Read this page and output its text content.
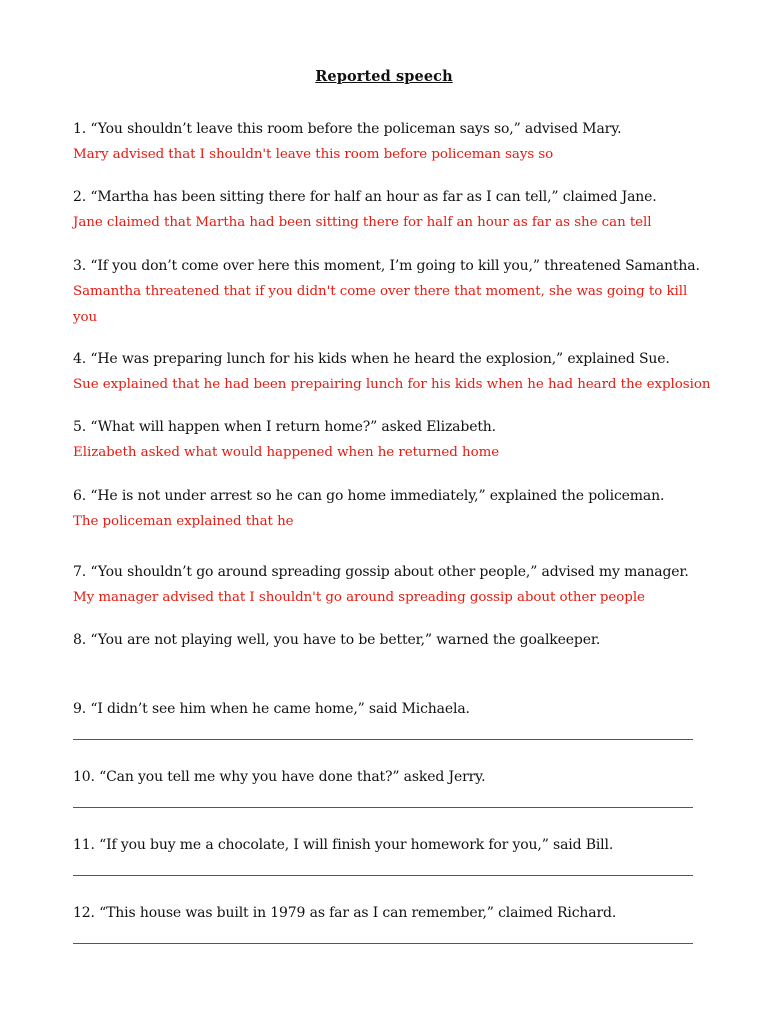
Reported speech
1. “You shouldn’t leave this room before the policeman says so,” advised Mary.
Mary advised that I shouldn't leave this room before policeman says so
2. “Martha has been sitting there for half an hour as far as I can tell,” claimed Jane.
Jane claimed that Martha had been sitting there for half an hour as far as she can tell
3. “If you don’t come over here this moment, I’m going to kill you,” threatened Samantha.
Samantha threatened that if you didn't come over there that moment, she was going to kill
you
4. “He was preparing lunch for his kids when he heard the explosion,” explained Sue.
Sue explained that he had been prepairing lunch for his kids when he had heard the explosion
5. “What will happen when I return home?” asked Elizabeth.
Elizabeth asked what would happened when he returned home
6. “He is not under arrest so he can go home immediately,” explained the policeman.
The policeman explained that he
7. “You shouldn’t go around spreading gossip about other people,” advised my manager.
My manager advised that I shouldn't go around spreading gossip about other people
8. “You are not playing well, you have to be better,” warned the goalkeeper.
9. “I didn’t see him when he came home,” said Michaela.
10. “Can you tell me why you have done that?” asked Jerry.
11. “If you buy me a chocolate, I will finish your homework for you,” said Bill.
12. “This house was built in 1979 as far as I can remember,” claimed Richard.
